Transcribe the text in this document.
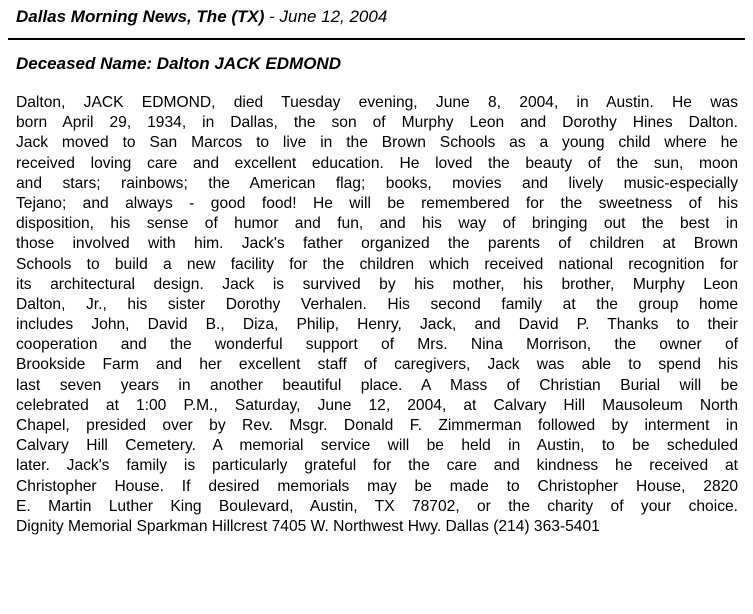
Dallas Morning News, The (TX) - June 12, 2004
Deceased Name: Dalton JACK EDMOND
Dalton, JACK EDMOND, died Tuesday evening, June 8, 2004, in Austin. He was
born April 29, 1934, in Dallas, the son of Murphy Leon and Dorothy Hines Dalton.
Jack moved to San Marcos to live in the Brown Schools as a young child where he
received loving care and excellent education. He loved the beauty of the sun, moon
and stars; rainbows; the American flag; books, movies and lively music-especially
Tejano; and always - good food! He will be remembered for the sweetness of his
disposition, his sense of humor and fun, and his way of bringing out the best in
those involved with him. Jack's father organized the parents of children at Brown
Schools to build a new facility for the children which received national recognition for
its architectural design. Jack is survived by his mother, his brother, Murphy Leon
Dalton, Jr., his sister Dorothy Verhalen. His second family at the group home
includes John, David B., Diza, Philip, Henry, Jack, and David P. Thanks to their
cooperation and the wonderful support of Mrs. Nina Morrison, the owner of
Brookside Farm and her excellent staff of caregivers, Jack was able to spend his
last seven years in another beautiful place. A Mass of Christian Burial will be
celebrated at 1:00 P.M., Saturday, June 12, 2004, at Calvary Hill Mausoleum North
Chapel, presided over by Rev. Msgr. Donald F. Zimmerman followed by interment in
Calvary Hill Cemetery. A memorial service will be held in Austin, to be scheduled
later. Jack's family is particularly grateful for the care and kindness he received at
Christopher House. If desired memorials may be made to Christopher House, 2820
E. Martin Luther King Boulevard, Austin, TX 78702, or the charity of your choice.
Dignity Memorial Sparkman Hillcrest 7405 W. Northwest Hwy. Dallas (214) 363-5401
